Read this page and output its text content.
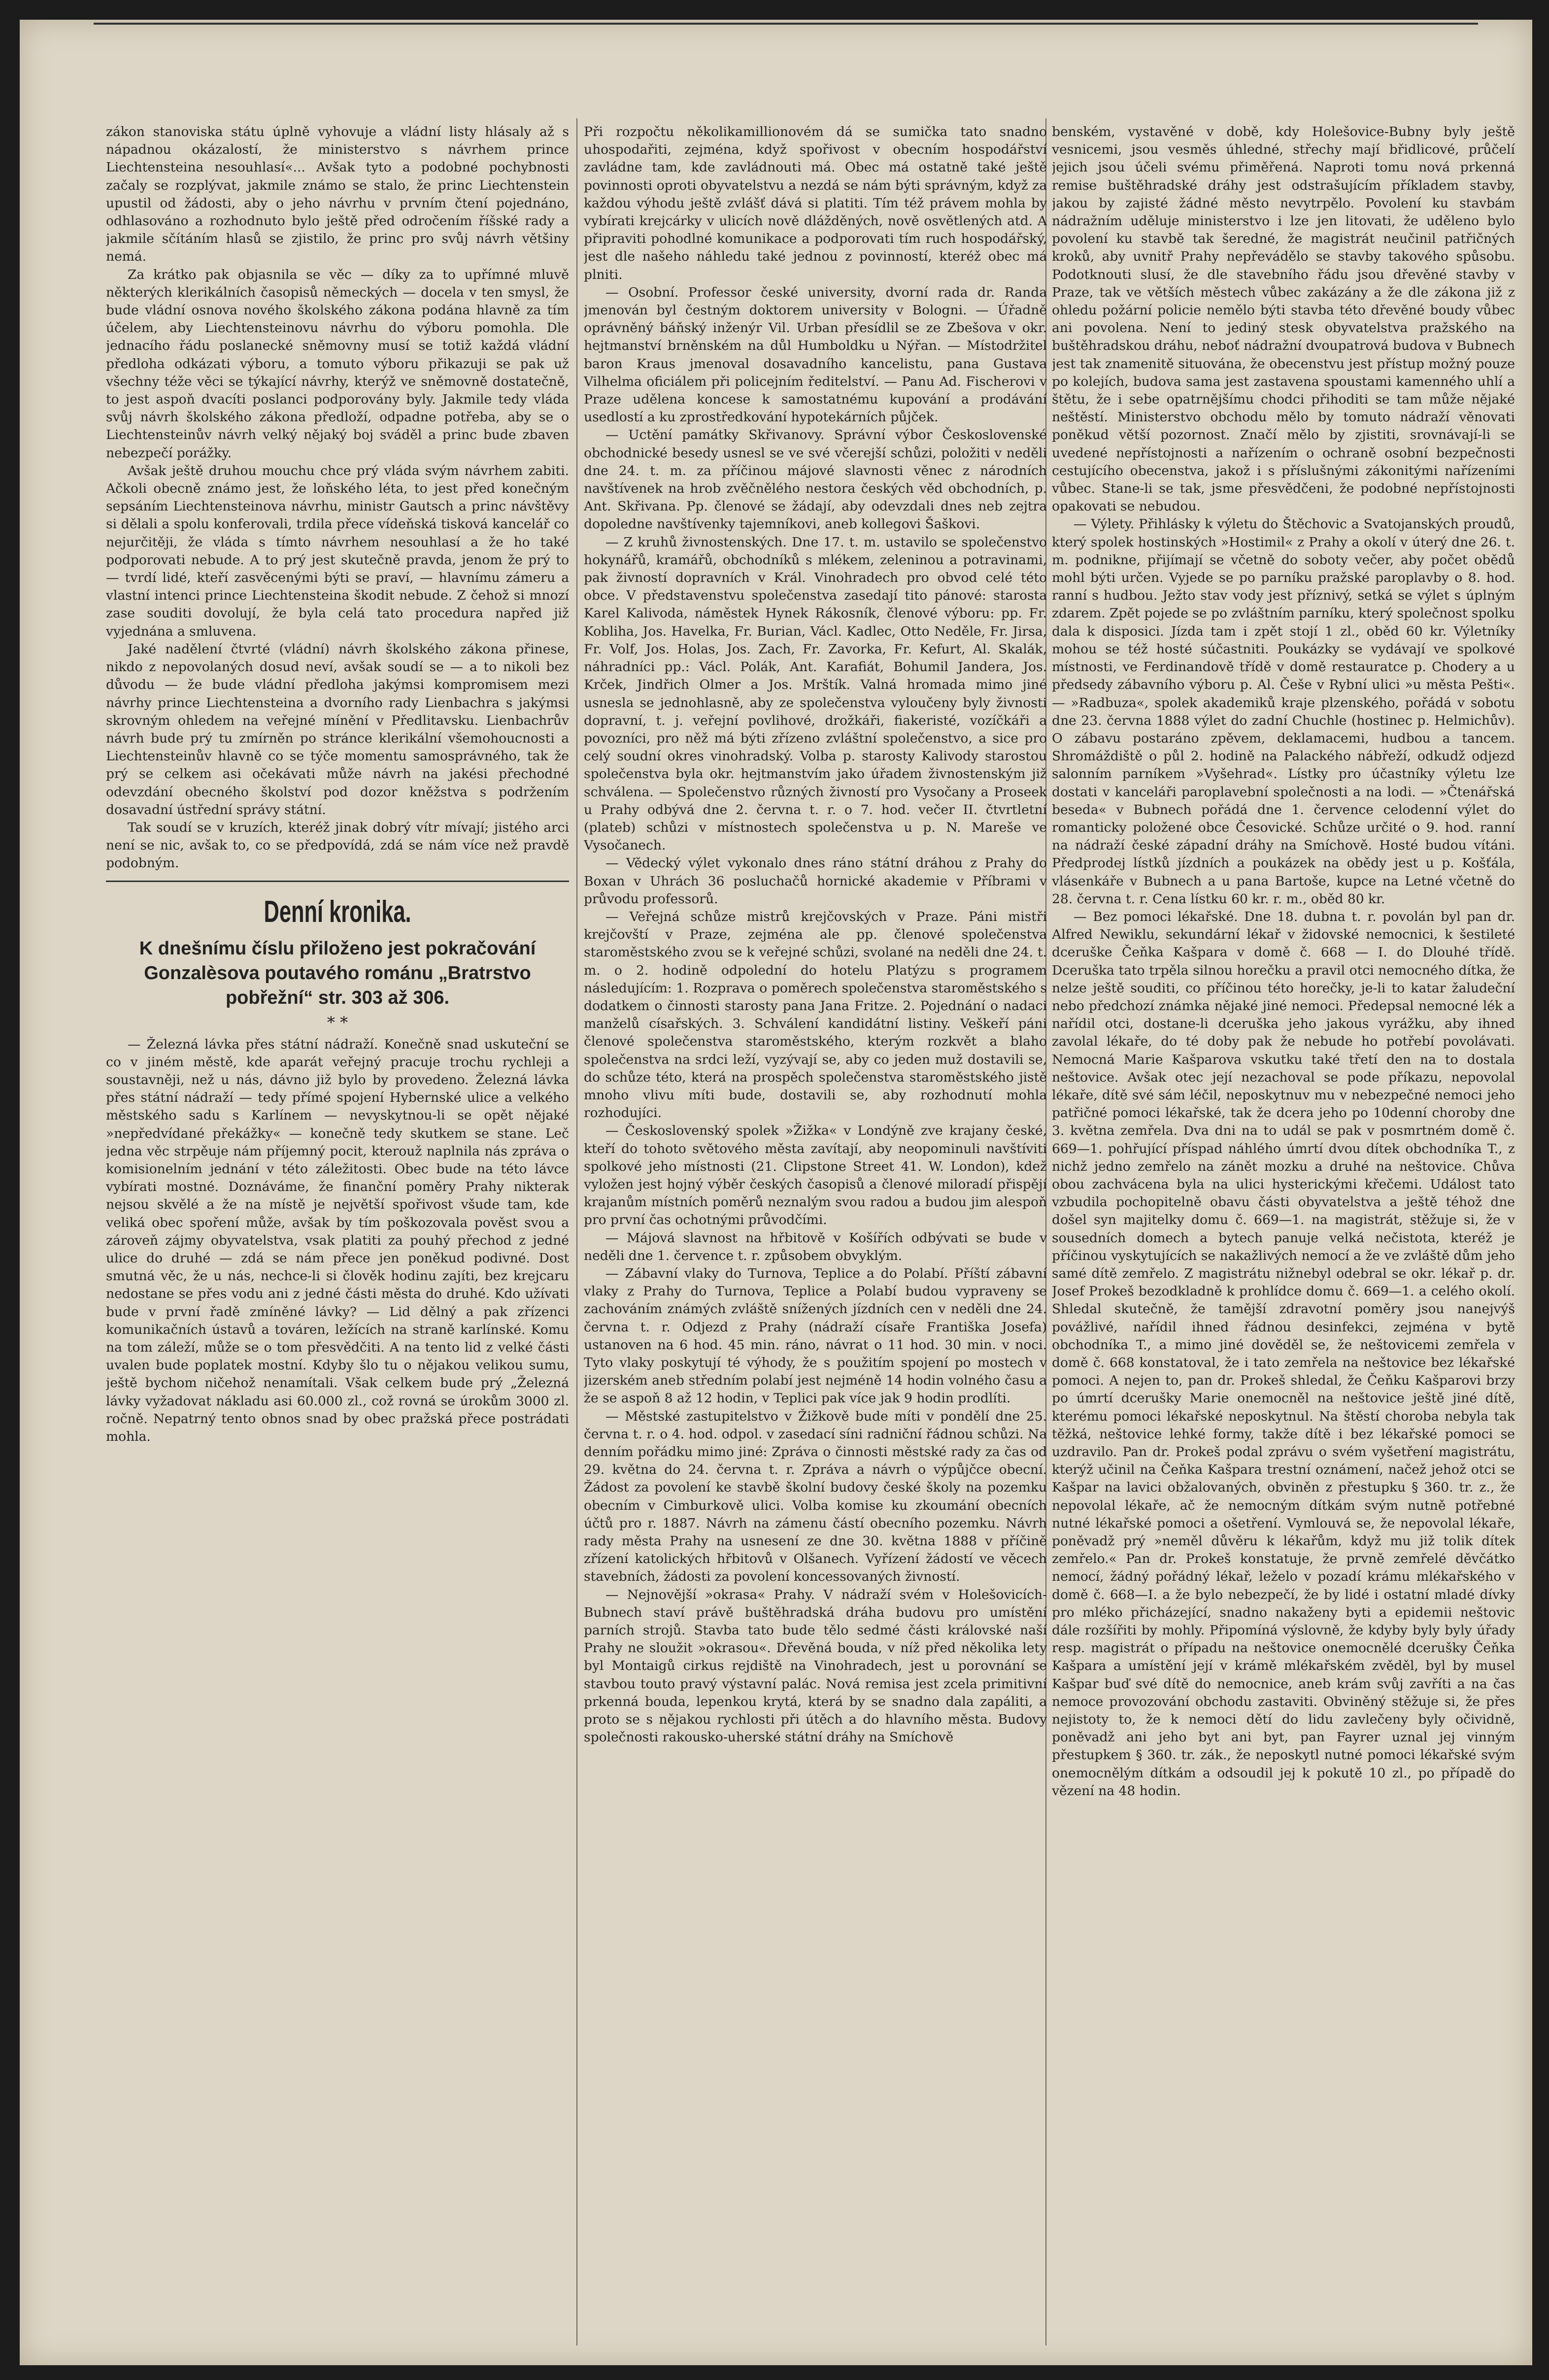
zákon stanoviska státu úplně vyhovuje a vládní listy hlásaly až s nápadnou okázalostí, že ministerstvo s návrhem prince Liechtensteina nesouhlasí«... Avšak tyto a podobné pochybnosti začaly se rozplývat, jakmile známo se stalo, že princ Liechtenstein upustil od žádosti, aby o jeho návrhu v prvním čtení pojednáno, odhlasováno a rozhodnuto bylo ještě před odročením říšské rady a jakmile sčítáním hlasů se zjistilo, že princ pro svůj návrh většiny nemá.

Za krátko pak objasnila se věc — díky za to upřímné mluvě některých klerikálních časopisů německých — docela v ten smysl, že bude vládní osnova nového školského zákona podána hlavně za tím účelem, aby Liechtensteinovu návrhu do výboru pomohla. Dle jednacího řádu poslanecké sněmovny musí se totiž každá vládní předloha odkázati výboru, a tomuto výboru přikazuji se pak už všechny téže věci se týkající návrhy, kterýž ve sněmovně dostatečně, to jest aspoň dvacíti poslanci podporovány byly. Jakmile tedy vláda svůj návrh školského zákona předloží, odpadne potřeba, aby se o Liechtensteinův návrh velký nějaký boj sváděl a princ bude zbaven nebezpečí porážky.

Avšak ještě druhou mouchu chce prý vláda svým návrhem zabiti. Ačkoli obecně známo jest, že loňského léta, to jest před konečným sepsáním Liechtensteinova návrhu, ministr Gautsch a princ návštěvy si dělali a spolu konferovali, trdila přece vídeňská tisková kancelář co nejurčitěji, že vláda s tímto návrhem nesouhlasí a že ho také podporovati nebude. A to prý jest skutečně pravda, jenom že prý to — tvrdí lidé, kteří zasvěcenými býti se praví, — hlavnímu zámeru a vlastní intenci prince Liechtensteina škodit nebude. Z čehož si mnozí zase souditi dovolují, že byla celá tato procedura napřed již vyjednána a smluvena.

Jaké nadělení čtvrté (vládní) návrh školského zákona přinese, nikdo z nepovolaných dosud neví, avšak soudí se — a to nikoli bez důvodu — že bude vládní předloha jakýmsi kompromisem mezi návrhy prince Liechtensteina a dvorního rady Lienbachra s jakýmsi skrovným ohledem na veřejné mínění v Předlitavsku. Lienbachrův návrh bude prý tu zmírněn po stránce klerikální všemohoucnosti a Liechtensteinův hlavně co se týče momentu samosprávného, tak že prý se celkem asi očekávati může návrh na jakési přechodné odevzdání obecného školství pod dozor kněžstva s podržením dosavadní ústřední správy státní.

Tak soudí se v kruzích, kteréž jinak dobrý vítr mívají; jistého arci není se nic, avšak to, co se předpovídá, zdá se nám více než pravdě podobným.

Denní kronika.
K dnešnímu číslu přiloženo jest pokračování Gonzalèsova poutavého románu „Bratrstvo pobřežní“ str. 303 až 306.
* *

— Železná lávka přes státní nádraží. Konečně snad uskuteční se co v jiném městě, kde aparát veřejný pracuje trochu rychleji a soustavněji, než u nás, dávno již bylo by provedeno. Železná lávka přes státní nádraží — tedy přímé spojení Hybernské ulice a velkého městského sadu s Karlínem — nevyskytnou-li se opět nějaké »nepředvídané překážky« — konečně tedy skutkem se stane. Leč jedna věc strpěuje nám příjemný pocit, kterouž naplnila nás zpráva o komisionelním jednání v této záležitosti. Obec bude na této lávce vybírati mostné. Doznáváme, že finanční poměry Prahy nikterak nejsou skvělé a že na místě je největší spořivost všude tam, kde veliká obec spoření může, avšak by tím poškozovala pověst svou a zároveň zájmy obyvatelstva, vsak platiti za pouhý přechod z jedné ulice do druhé — zdá se nám přece jen poněkud podivné. Dost smutná věc, že u nás, nechce-li si člověk hodinu zajíti, bez krejcaru nedostane se přes vodu ani z jedné části města do druhé. Kdo užívati bude v první řadě zmíněné lávky? — Lid dělný a pak zřízenci komunikačních ústavů a továren, ležících na straně karlínské. Komu na tom záleží, může se o tom přesvědčiti. A na tento lid z velké části uvalen bude poplatek mostní. Kdyby šlo tu o nějakou velikou sumu, ještě bychom ničehož nenamítali. Však celkem bude prý „Železná lávky vyžadovat nákladu asi 60.000 zl., což rovná se úrokům 3000 zl. ročně. Nepatrný tento obnos snad by obec pražská přece postrádati mohla.

Při rozpočtu několikamillionovém dá se sumička tato snadno uhospodařiti, zejména, když spořivost v obecním hospodářství zavládne tam, kde zavládnouti má. Obec má ostatně také ještě povinnosti oproti obyvatelstvu a nezdá se nám býti správným, když za každou výhodu ještě zvlášť dává si platiti. Tím též právem mohla by vybírati krejcárky v ulicích nově dlážděných, nově osvětlených atd. A připraviti pohodlné komunikace a podporovati tím ruch hospodářský, jest dle našeho náhledu také jednou z povinností, kteréž obec má plniti.

— Osobní. Professor české university, dvorní rada dr. Randa jmenován byl čestným doktorem university v Bologni. — Úřadně oprávněný báňský inženýr Vil. Urban přesídlil se ze Zbešova v okr. hejtmanství brněnském na důl Humboldku u Nýřan. — Místodržitel baron Kraus jmenoval dosavadního kancelistu, pana Gustava Vilhelma oficiálem při policejním ředitelství. — Panu Ad. Fischerovi v Praze udělena koncese k samostatnému kupování a prodávání usedlostí a ku zprostředkování hypotekárních půjček.

— Uctění památky Skřivanovy. Správní výbor Československé obchodnické besedy usnesl se ve své včerejší schůzi, položiti v neděli dne 24. t. m. za příčinou májové slavnosti věnec z národních navštívenek na hrob zvěčnělého nestora českých věd obchodních, p. Ant. Skřivana. Pp. členové se žádají, aby odevzdali dnes neb zejtra dopoledne navštívenky tajemníkovi, aneb kollegovi Šaškovi.

— Z kruhů živnostenských. Dne 17. t. m. ustavilo se společenstvo hokynářů, kramářů, obchodníků s mlékem, zeleninou a potravinami, pak živností dopravních v Král. Vinohradech pro obvod celé této obce. V představenstvu společenstva zasedají tito pánové: starosta Karel Kalivoda, náměstek Hynek Rákosník, členové výboru: pp. Fr. Kobliha, Jos. Havelka, Fr. Burian, Václ. Kadlec, Otto Neděle, Fr. Jirsa, Fr. Volf, Jos. Holas, Jos. Zach, Fr. Zavorka, Fr. Kefurt, Al. Skalák, náhradníci pp.: Václ. Polák, Ant. Karafiát, Bohumil Jandera, Jos. Krček, Jindřich Olmer a Jos. Mrštík. Valná hromada mimo jiné usnesla se jednohlasně, aby ze společenstva vyloučeny byly živnosti dopravní, t. j. veřejní povlihové, drožkáři, fiakeristé, vozíčkáři a povozníci, pro něž má býti zřízeno zvláštní společenstvo, a sice pro celý soudní okres vinohradský. Volba p. starosty Kalivody starostou společenstva byla okr. hejtmanstvím jako úřadem živnostenským již schválena. — Společenstvo různých živností pro Vysočany a Proseek u Prahy odbývá dne 2. června t. r. o 7. hod. večer II. čtvrtletní (plateb) schůzi v místnostech společenstva u p. N. Mareše ve Vysočanech.

— Vědecký výlet vykonalo dnes ráno státní dráhou z Prahy do Boxan v Uhrách 36 posluchačů hornické akademie v Příbrami v průvodu professorů.

— Veřejná schůze mistrů krejčovských v Praze. Páni mistři krejčovští v Praze, zejména ale pp. členové společenstva staroměstského zvou se k veřejné schůzi, svolané na neděli dne 24. t. m. o 2. hodině odpolední do hotelu Platýzu s programem následujícím: 1. Rozprava o poměrech společenstva staroměstského s dodatkem o činnosti starosty pana Jana Fritze. 2. Pojednání o nadaci manželů císařských. 3. Schválení kandidátní listiny. Veškeří páni členové společenstva staroměstského, kterým rozkvět a blaho společenstva na srdci leží, vyzývají se, aby co jeden muž dostavili se, do schůze této, která na prospěch společenstva staroměstského jistě mnoho vlivu míti bude, dostavili se, aby rozhodnutí mohla rozhodujíci.

— Československý spolek »Žižka« v Londýně zve krajany české, kteří do tohoto světového města zavítají, aby neopominuli navštíviti spolkové jeho místnosti (21. Clipstone Street 41. W. London), kdež vyložen jest hojný výběr českých časopisů a členové miloradí přispějí krajanům místních poměrů neznalým svou radou a budou jim alespoň pro první čas ochotnými průvodčími.

— Májová slavnost na hřbitově v Košířích odbývati se bude v neděli dne 1. července t. r. způsobem obvyklým.

— Zábavní vlaky do Turnova, Teplice a do Polabí. Příští zábavní vlaky z Prahy do Turnova, Teplice a Polabí budou vypraveny se zachováním známých zvláště snížených jízdních cen v neděli dne 24. června t. r. Odjezd z Prahy (nádraží císaře Františka Josefa) ustanoven na 6 hod. 45 min. ráno, návrat o 11 hod. 30 min. v noci. Tyto vlaky poskytují té výhody, že s použitím spojení po mostech v jizerském aneb středním polabí jest nejméně 14 hodin volného času a že se aspoň 8 až 12 hodin, v Teplici pak více jak 9 hodin prodlíti.

— Městské zastupitelstvo v Žižkově bude míti v pondělí dne 25. června t. r. o 4. hod. odpol. v zasedací síni radniční řádnou schůzi. Na denním pořádku mimo jiné: Zpráva o činnosti městské rady za čas od 29. května do 24. června t. r. Zpráva a návrh o výpůjčce obecní. Žádost za povolení ke stavbě školní budovy české školy na pozemku obecním v Cimburkově ulici. Volba komise ku zkoumání obecních účtů pro r. 1887. Návrh na zámenu částí obecního pozemku. Návrh rady města Prahy na usnesení ze dne 30. května 1888 v příčině zřízení katolických hřbitovů v Olšanech. Vyřízení žádostí ve věcech stavebních, žádosti za povolení koncessovaných živností.

— Nejnovější »okrasa« Prahy. V nádraží svém v Holešovicích-Bubnech staví právě buštěhradská dráha budovu pro umístění parních strojů. Stavba tato bude tělo sedmé části královské naší Prahy ne sloužit »okrasou«. Dřevěná bouda, v níž před několika lety byl Montaigů cirkus rejdiště na Vinohradech, jest u porovnání se stavbou touto pravý výstavní palác. Nová remisa jest zcela primitivní prkenná bouda, lepenkou krytá, která by se snadno dala zapáliti, a proto se s nějakou rychlosti při útěch a do hlavního města. Budovy společnosti rakousko-uherské státní dráhy na Smíchově

benském, vystavěné v době, kdy Holešovice-Bubny byly ještě vesnicemi, jsou vesměs úhledné, střechy mají břidlicové, průčelí jejich jsou účeli svému přiměřená. Naproti tomu nová prkenná remise buštěhradské dráhy jest odstrašujícím příkladem stavby, jakou by zajisté žádné město nevytrpělo. Povolení ku stavbám nádražním uděluje ministerstvo i lze jen litovati, že uděleno bylo povolení ku stavbě tak šeredné, že magistrát neučinil patřičných kroků, aby uvnitř Prahy nepřevádělo se stavby takového spůsobu. Podotknouti slusí, že dle stavebního řádu jsou dřevěné stavby v Praze, tak ve větších městech vůbec zakázány a že dle zákona již z ohledu požární policie nemělo býti stavba této dřevěné boudy vůbec ani povolena. Není to jediný stesk obyvatelstva pražského na buštěhradskou dráhu, neboť nádražní dvoupatrová budova v Bubnech jest tak znamenitě situována, že obecenstvu jest přístup možný pouze po kolejích, budova sama jest zastavena spoustami kamenného uhlí a štětu, že i sebe opatrnějšímu chodci přihoditi se tam může nějaké neštěstí. Ministerstvo obchodu mělo by tomuto nádraží věnovati poněkud větší pozornost. Značí mělo by zjistiti, srovnávají-li se uvedené nepřístojnosti a nařízením o ochraně osobní bezpečnosti cestujícího obecenstva, jakož i s příslušnými zákonitými nařízeními vůbec. Stane-li se tak, jsme přesvědčeni, že podobné nepřístojnosti opakovati se nebudou.

— Výlety. Přihlásky k výletu do Štěchovic a Svatojanských proudů, který spolek hostinských »Hostimil« z Prahy a okolí v úterý dne 26. t. m. podnikne, přijímají se včetně do soboty večer, aby počet obědů mohl býti určen. Vyjede se po parníku pražské paroplavby o 8. hod. ranní s hudbou. Ježto stav vody jest příznivý, setká se výlet s úplným zdarem. Zpět pojede se po zvláštním parníku, který společnost spolku dala k disposici. Jízda tam i zpět stojí 1 zl., oběd 60 kr. Výletníky mohou se též hosté súčastniti. Poukázky se vydávají ve spolkové místnosti, ve Ferdinandově třídě v domě restauratce p. Chodery a u předsedy zábavního výboru p. Al. Češe v Rybní ulici »u města Pešti«. — »Radbuza«, spolek akademiků kraje plzenského, pořádá v sobotu dne 23. června 1888 výlet do zadní Chuchle (hostinec p. Helmichův). O zábavu postaráno zpěvem, deklamacemi, hudbou a tancem. Shromáždiště o půl 2. hodině na Palackého nábřeží, odkudž odjezd salonním parníkem »Vyšehrad«. Lístky pro účastníky výletu lze dostati v kanceláři paroplavební společnosti a na lodi. — »Čtenářská beseda« v Bubnech pořádá dne 1. července celodenní výlet do romanticky položené obce Česovické. Schůze určité o 9. hod. ranní na nádraží české západní dráhy na Smíchově. Hosté budou vítáni. Předprodej lístků jízdních a poukázek na obědy jest u p. Košťála, vlásenkáře v Bubnech a u pana Bartoše, kupce na Letné včetně do 28. června t. r. Cena lístku 60 kr. r. m., oběd 80 kr.

— Bez pomoci lékařské. Dne 18. dubna t. r. povolán byl pan dr. Alfred Newiklu, sekundární lékař v židovské nemocnici, k šestileté dceruške Čeňka Kašpara v domě č. 668 — I. do Dlouhé třídě. Dceruška tato trpěla silnou horečku a pravil otci nemocného dítka, že nelze ještě souditi, co příčinou této horečky, je-li to katar žaludeční nebo předchozí známka nějaké jiné nemoci. Předepsal nemocné lék a nařídil otci, dostane-li dceruška jeho jakous vyrážku, aby ihned zavolal lékaře, do té doby pak že nebude ho potřebí povolávati. Nemocná Marie Kašparova vskutku také třetí den na to dostala neštovice. Avšak otec její nezachoval se pode příkazu, nepovolal lékaře, dítě své sám léčil, neposkytnuv mu v nebezpečné nemoci jeho patřičné pomoci lékařské, tak že dcera jeho po 10denní choroby dne 3. května zemřela. Dva dni na to udál se pak v posmrtném domě č. 669—1. pohřující příspad náhlého úmrtí dvou dítek obchodníka T., z nichž jedno zemřelo na zánět mozku a druhé na neštovice. Chůva obou zachvácena byla na ulici hysterickými křečemi. Událost tato vzbudila pochopitelně obavu části obyvatelstva a ještě téhož dne došel syn majitelky domu č. 669—1. na magistrát, stěžuje si, že v sousedních domech a bytech panuje velká nečistota, kteréž je příčinou vyskytujících se nakažlivých nemocí a že ve zvláště dům jeho samé dítě zemřelo. Z magistrátu nižnebyl odebral se okr. lékař p. dr. Josef Prokeš bezodkladně k prohlídce domu č. 669—1. a celého okolí. Shledal skutečně, že tamější zdravotní poměry jsou nanejvýš povážlivé, nařídil ihned řádnou desinfekci, zejména v bytě obchodníka T., a mimo jiné dověděl se, že neštovicemi zemřela v domě č. 668 konstatoval, že i tato zemřela na neštovice bez lékařské pomoci. A nejen to, pan dr. Prokeš shledal, že Čeňku Kašparovi brzy po úmrtí dcerušky Marie onemocněl na neštovice ještě jiné dítě, kterému pomoci lékařské neposkytnul. Na štěstí choroba nebyla tak těžká, neštovice lehké formy, takže dítě i bez lékařské pomoci se uzdravilo. Pan dr. Prokeš podal zprávu o svém vyšetření magistrátu, kterýž učinil na Čeňka Kašpara trestní oznámení, načež jehož otci se Kašpar na lavici obžalovaných, obviněn z přestupku § 360. tr. z., že nepovolal lékaře, ač že nemocným dítkám svým nutně potřebné nutné lékařské pomoci a ošetření. Vymlouvá se, že nepovolal lékaře, poněvadž prý »neměl důvěru k lékařům, když mu již tolik dítek zemřelo.« Pan dr. Prokeš konstatuje, že prvně zemřelé děvčátko nemocí, žádný pořádný lékař, leželo v pozadí krámu mlékařského v domě č. 668—I. a že bylo nebezpečí, že by lidé i ostatní mladé dívky pro mléko přicházející, snadno nakaženy byti a epidemii neštovic dále rozšířiti by mohly. Připomíná výslovně, že kdyby byly byly úřady resp. magistrát o případu na neštovice onemocnělé dcerušky Čeňka Kašpara a umístění její v krámě mlékařském zvěděl, byl by musel Kašpar buď své dítě do nemocnice, aneb krám svůj zavříti a na čas nemoce provozování obchodu zastaviti. Obviněný stěžuje si, že přes nejistoty to, že k nemoci dětí do lidu zavlečeny byly očividně, poněvadž ani jeho byt ani byt, pan Fayrer uznal jej vinným přestupkem § 360. tr. zák., že neposkytl nutné pomoci lékařské svým onemocnělým dítkám a odsoudil jej k pokutě 10 zl., po případě do vězení na 48 hodin.
